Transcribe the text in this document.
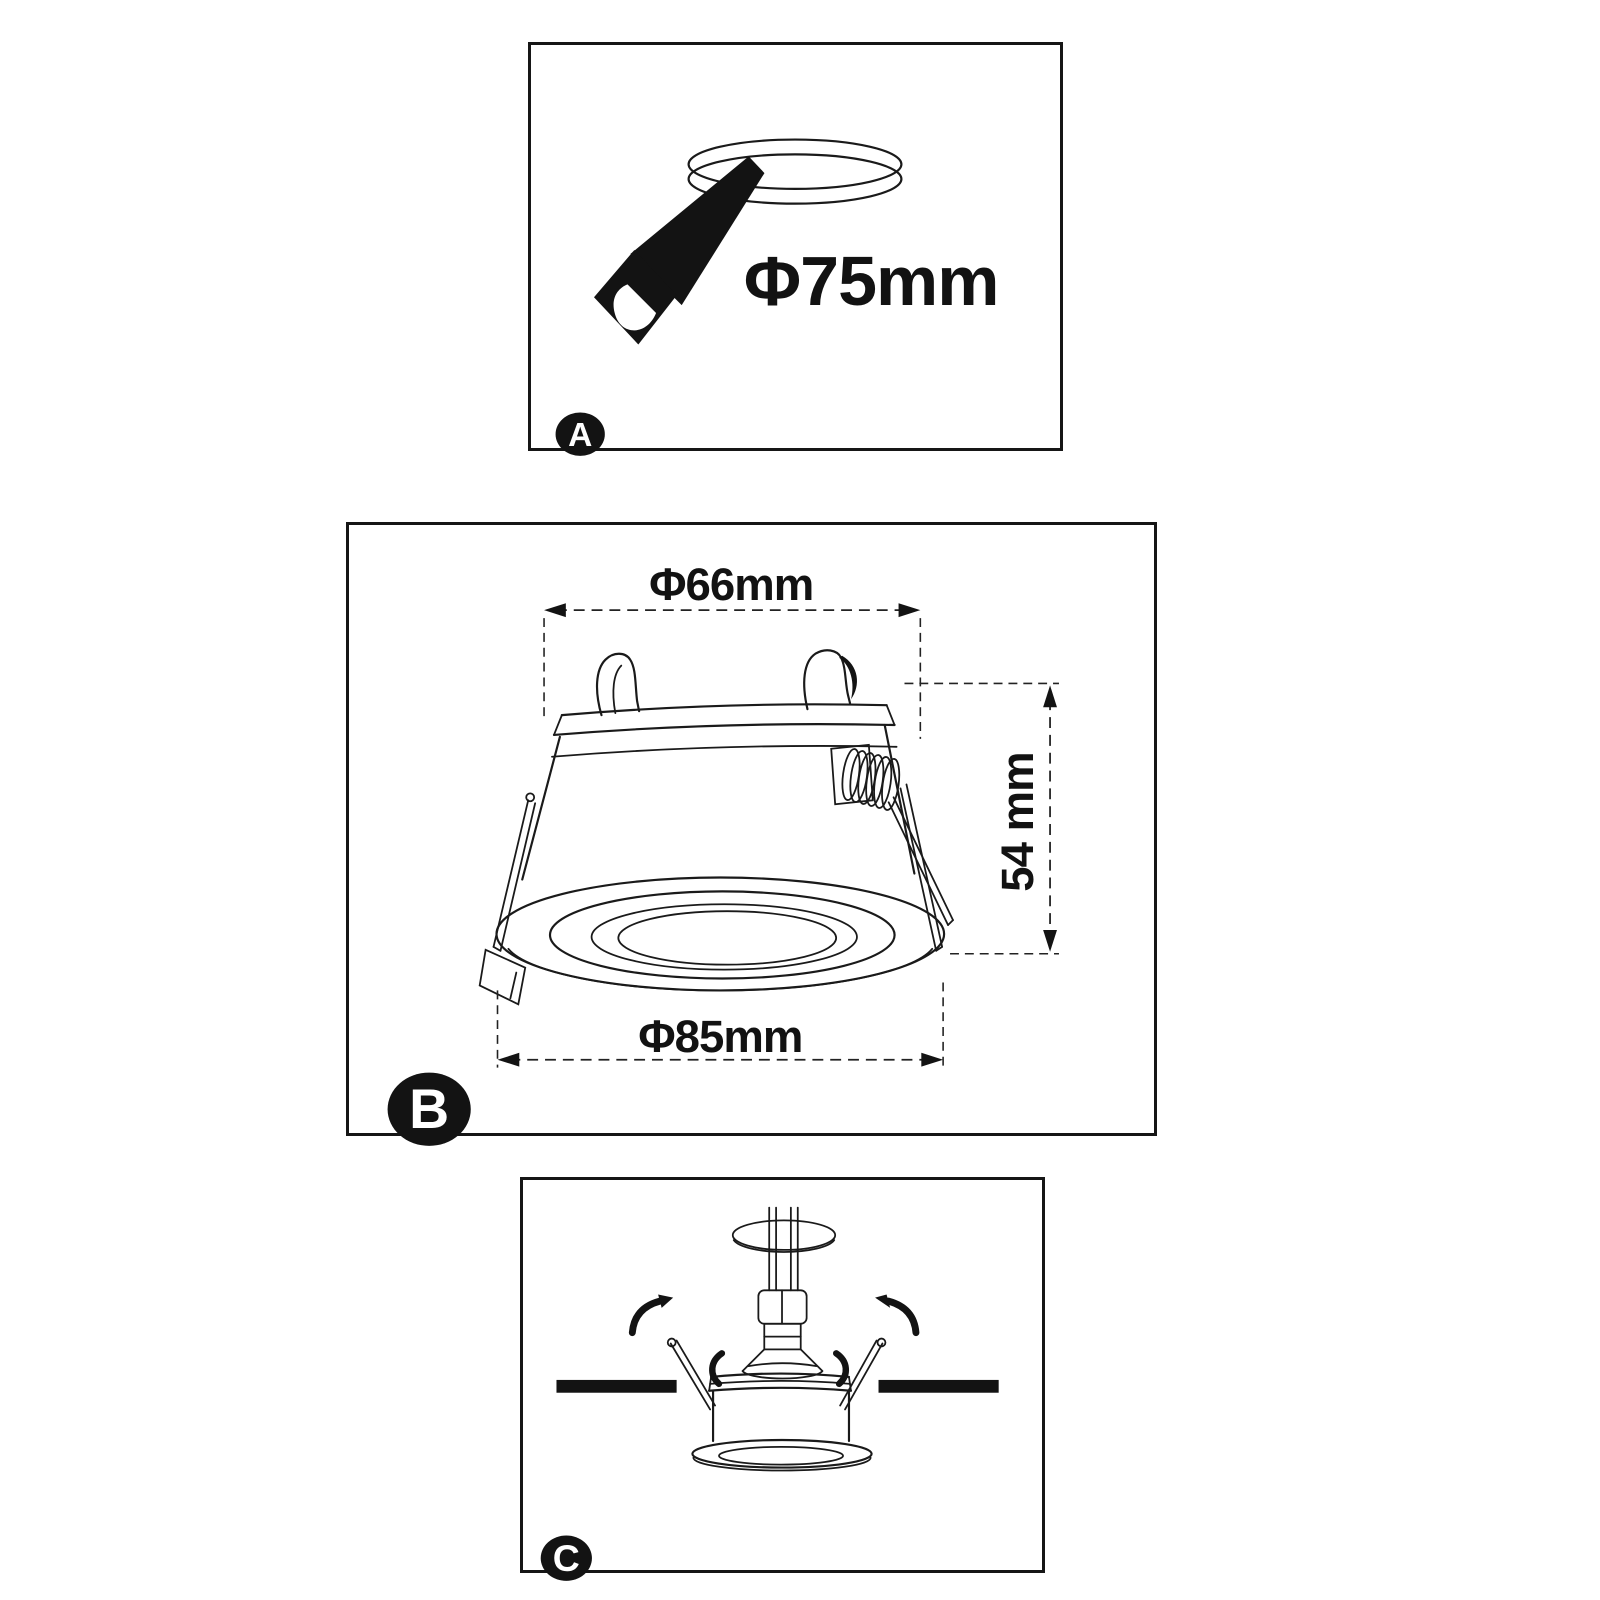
Φ75mm
A
Φ66mm
54 mm
Φ85mm
B
C
